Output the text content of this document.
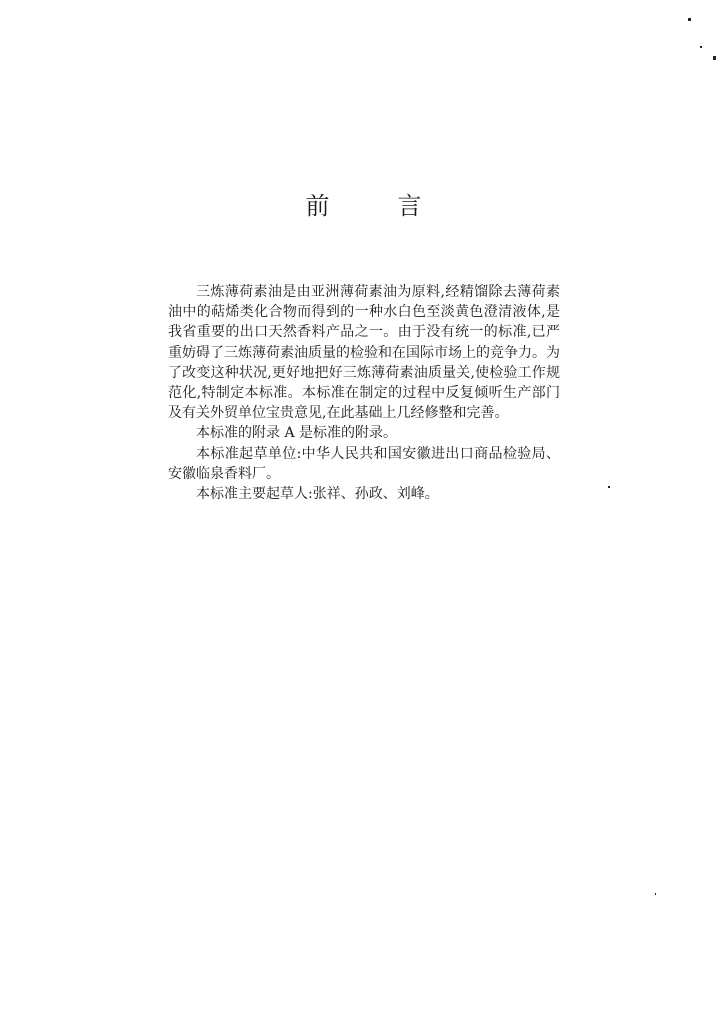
前	言

三炼薄荷素油是由亚洲薄荷素油为原料,经精馏除去薄荷素油中的萜烯类化合物而得到的一种水白色至淡黄色澄清液体,是我省重要的出口天然香料产品之一。由于没有统一的标准,已严重妨碍了三炼薄荷素油质量的检验和在国际市场上的竞争力。为了改变这种状况,更好地把好三炼薄荷素油质量关,使检验工作规范化,特制定本标准。本标准在制定的过程中反复倾听生产部门及有关外贸单位宝贵意见,在此基础上几经修整和完善。

本标准的附录 A 是标准的附录。

本标准起草单位:中华人民共和国安徽进出口商品检验局、安徽临泉香料厂。

本标准主要起草人:张祥、孙政、刘峰。
